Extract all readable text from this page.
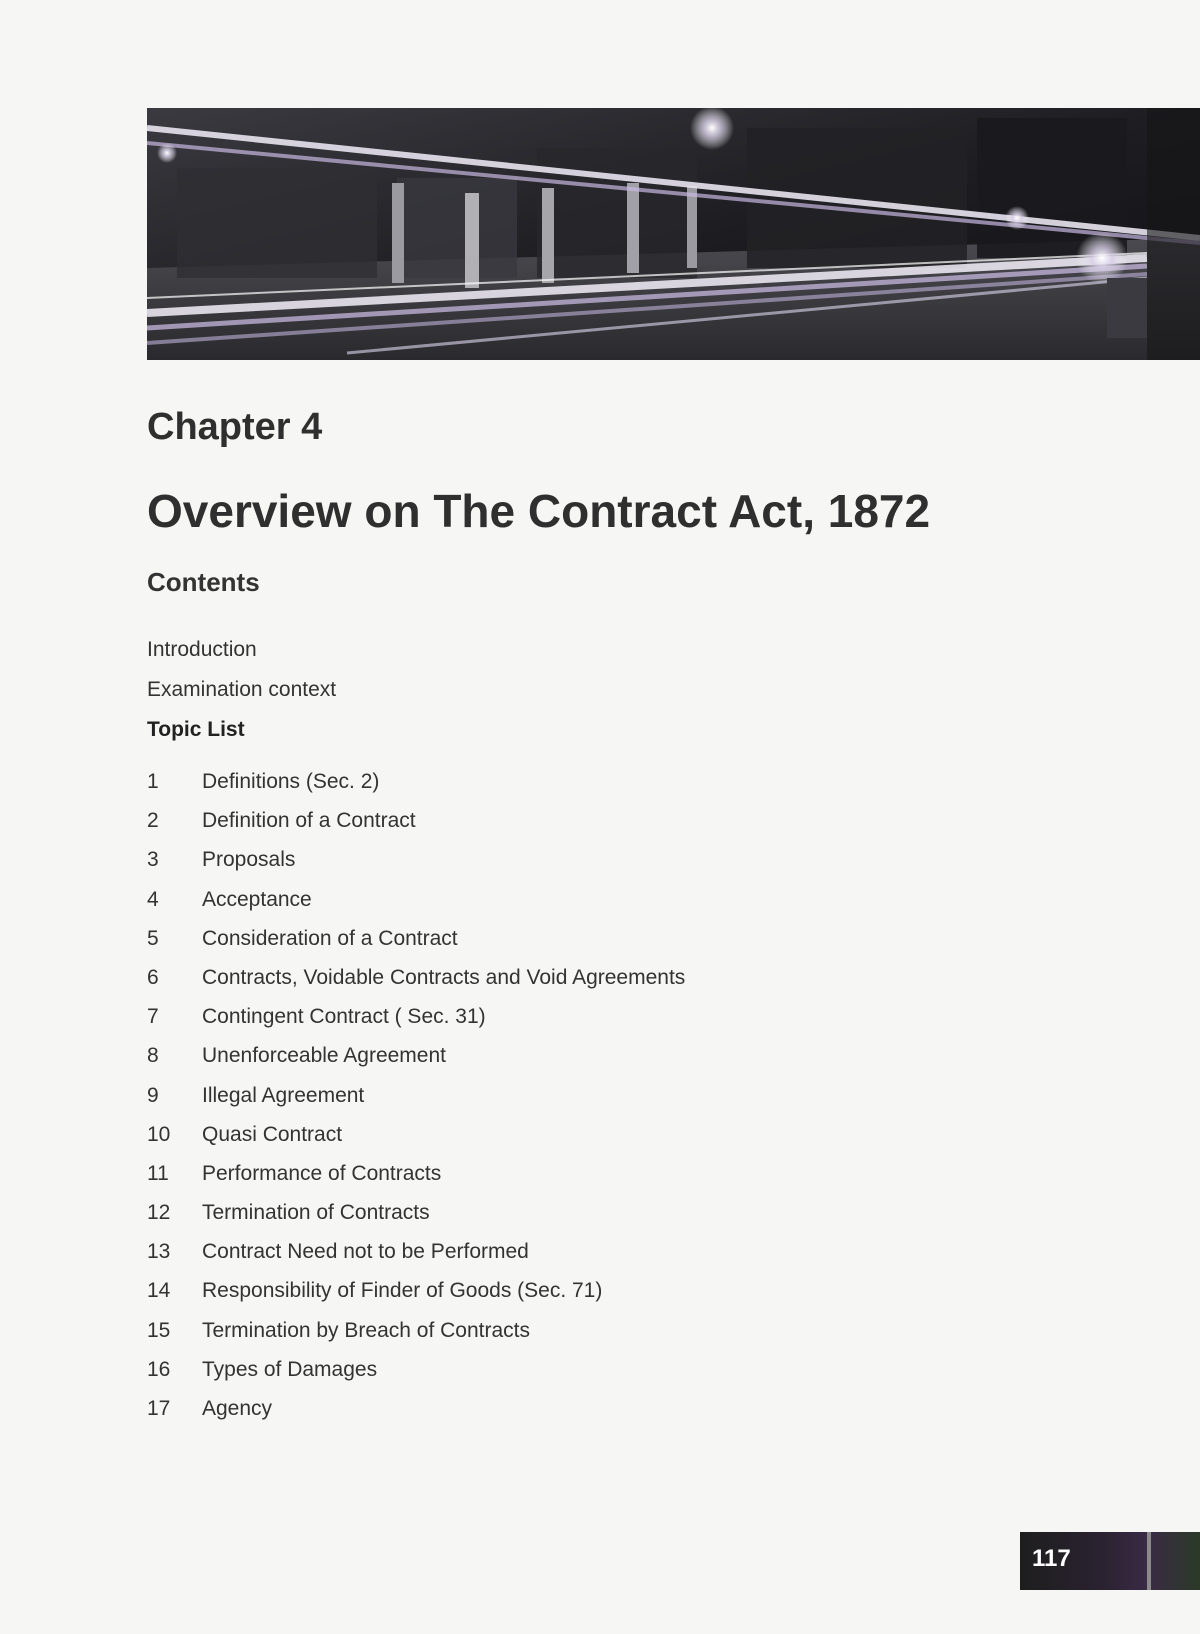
Chapter 4
Overview on The Contract Act, 1872
Contents
Introduction
Examination context
Topic List
1	Definitions (Sec. 2)
2	Definition of a Contract
3	Proposals
4	Acceptance
5	Consideration of a Contract
6	Contracts, Voidable Contracts and Void Agreements
7	Contingent Contract ( Sec. 31)
8	Unenforceable Agreement
9	Illegal Agreement
10	Quasi Contract
11	Performance of Contracts
12	Termination of Contracts
13	Contract Need not to be Performed
14	Responsibility of Finder of Goods (Sec. 71)
15	Termination by Breach of Contracts
16	Types of Damages
17	Agency
117
